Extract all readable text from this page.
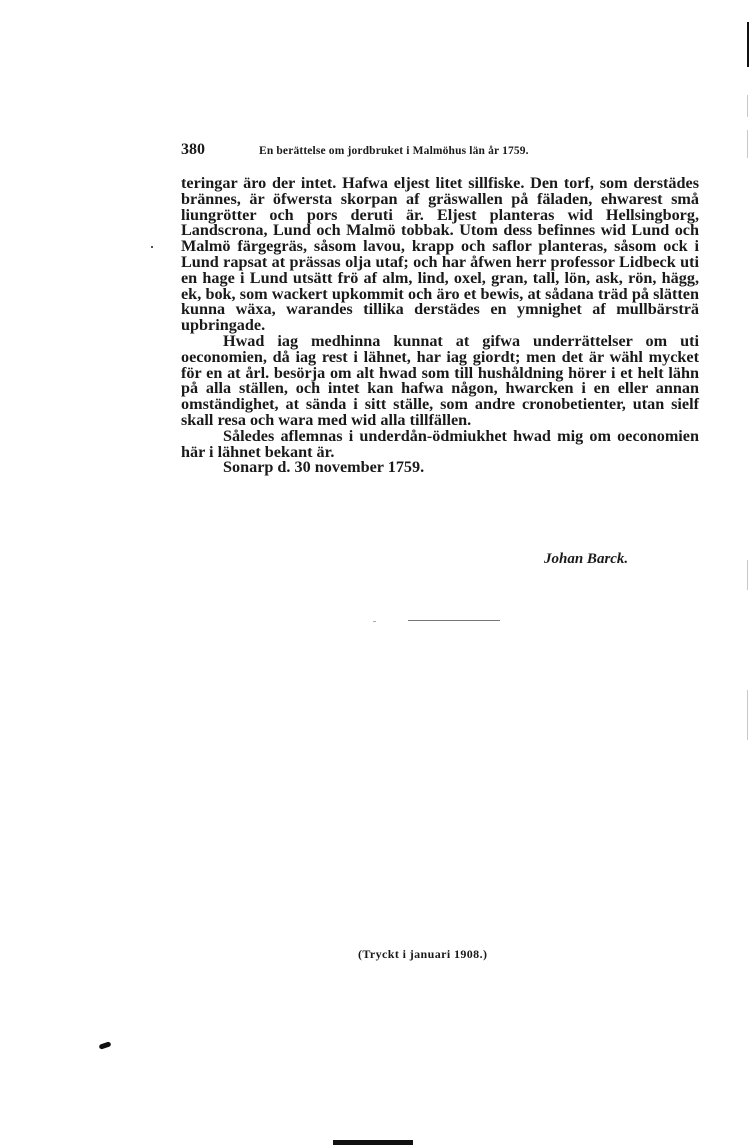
380	En berättelse om jordbruket i Malmöhus län år 1759.

teringar äro der intet. Hafwa eljest litet sillfiske. Den torf, som derstädes brännes, är öfwersta skorpan af gräswallen på fäladen, ehwarest små liungrötter och pors deruti är. Eljest planteras wid Hellsingborg, Landscrona, Lund och Malmö tobbak. Utom dess befinnes wid Lund och Malmö färgegräs, såsom lavou, krapp och saflor planteras, såsom ock i Lund rapsat at prässas olja utaf; och har åfwen herr professor Lidbeck uti en hage i Lund utsätt frö af alm, lind, oxel, gran, tall, lön, ask, rön, hägg, ek, bok, som wackert upkommit och äro et bewis, at sådana träd på slätten kunna wäxa, warandes tillika derstädes en ymnighet af mullbärsträ upbringade.

Hwad iag medhinna kunnat at gifwa underrättelser om uti oeconomien, då iag rest i lähnet, har iag giordt; men det är wähl mycket för en at årl. besörja om alt hwad som till hushåldning hörer i et helt lähn på alla ställen, och intet kan hafwa någon, hwarcken i en eller annan omständighet, at sända i sitt ställe, som andre cronobetienter, utan sielf skall resa och wara med wid alla tillfällen.

Således aflemnas i underdån-ödmiukhet hwad mig om oeconomien här i lähnet bekant är.

Sonarp d. 30 november 1759.

Johan Barck.
(Tryckt i januari 1908.)
